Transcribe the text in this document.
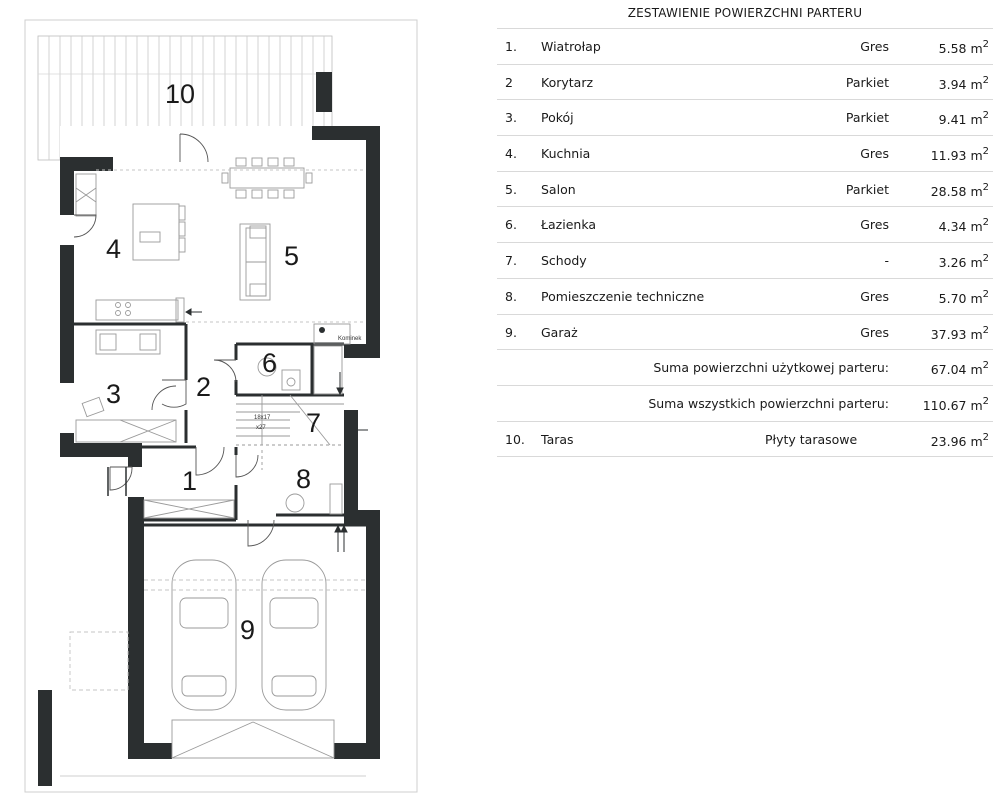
Kominek
18x17
x27
1
2
3
4	5
6
7
8
9
10
ZESTAWIENIE POWIERZCHNI PARTERU
1. Wiatrołap	Gres	5.58 $m^2$
2 Korytarz	Parkiet	3.94 $m^2$
3. Pokój	Parkiet	9.41 $m^2$
4. Kuchnia	Gres	11.93 $m^2$
5. Salon	Parkiet	28.58 $m^2$
6. Łazienka	Gres	4.34 $m^2$
7. Schody	-	3.26 $m^2$
8. Pomieszczenie techniczne	Gres	5.70 $m^2$
9. Garaż	Gres	37.93 $m^2$
Suma powierzchni użytkowej parteru:	67.04 $m^2$
Suma wszystkich powierzchni parteru:	110.67 $m^2$
10. Taras	Płyty tarasowe	23.96 $m^2$
